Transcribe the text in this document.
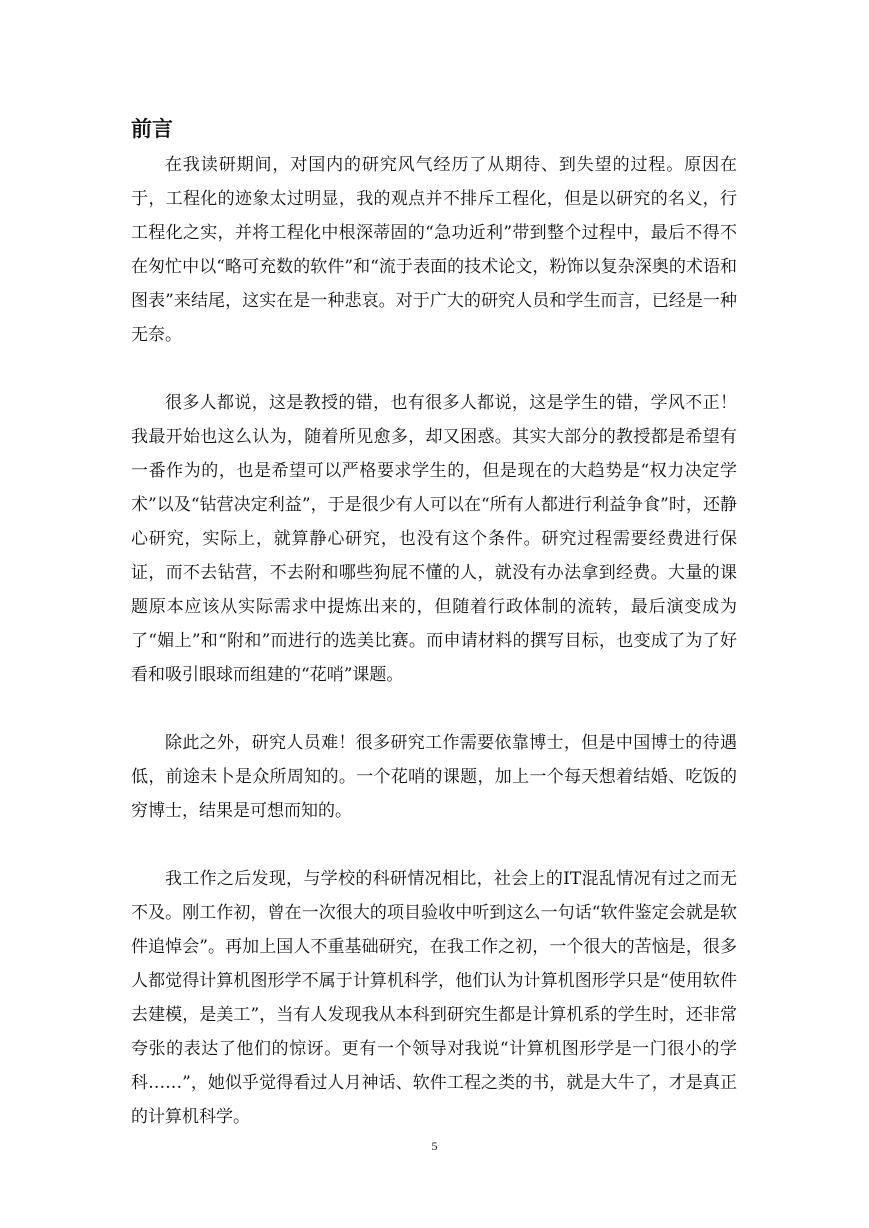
前言

在我读研期间，对国内的研究风气经历了从期待、到失望的过程。原因在于，工程化的迹象太过明显，我的观点并不排斥工程化，但是以研究的名义，行工程化之实，并将工程化中根深蒂固的“急功近利”带到整个过程中，最后不得不在匆忙中以“略可充数的软件”和“流于表面的技术论文，粉饰以复杂深奥的术语和图表”来结尾，这实在是一种悲哀。对于广大的研究人员和学生而言，已经是一种无奈。

很多人都说，这是教授的错，也有很多人都说，这是学生的错，学风不正！我最开始也这么认为，随着所见愈多，却又困惑。其实大部分的教授都是希望有一番作为的，也是希望可以严格要求学生的，但是现在的大趋势是“权力决定学术”以及“钻营决定利益”，于是很少有人可以在“所有人都进行利益争食”时，还静心研究，实际上，就算静心研究，也没有这个条件。研究过程需要经费进行保证，而不去钻营，不去附和哪些狗屁不懂的人，就没有办法拿到经费。大量的课题原本应该从实际需求中提炼出来的，但随着行政体制的流转，最后演变成为了“媚上”和“附和”而进行的选美比赛。而申请材料的撰写目标，也变成了为了好看和吸引眼球而组建的“花哨”课题。

除此之外，研究人员难！很多研究工作需要依靠博士，但是中国博士的待遇低，前途未卜是众所周知的。一个花哨的课题，加上一个每天想着结婚、吃饭的穷博士，结果是可想而知的。

我工作之后发现，与学校的科研情况相比，社会上的IT混乱情况有过之而无不及。刚工作初，曾在一次很大的项目验收中听到这么一句话“软件鉴定会就是软件追悼会”。再加上国人不重基础研究，在我工作之初，一个很大的苦恼是，很多人都觉得计算机图形学不属于计算机科学，他们认为计算机图形学只是“使用软件去建模，是美工”，当有人发现我从本科到研究生都是计算机系的学生时，还非常夸张的表达了他们的惊讶。更有一个领导对我说“计算机图形学是一门很小的学科……”，她似乎觉得看过人月神话、软件工程之类的书，就是大牛了，才是真正的计算机科学。

5
